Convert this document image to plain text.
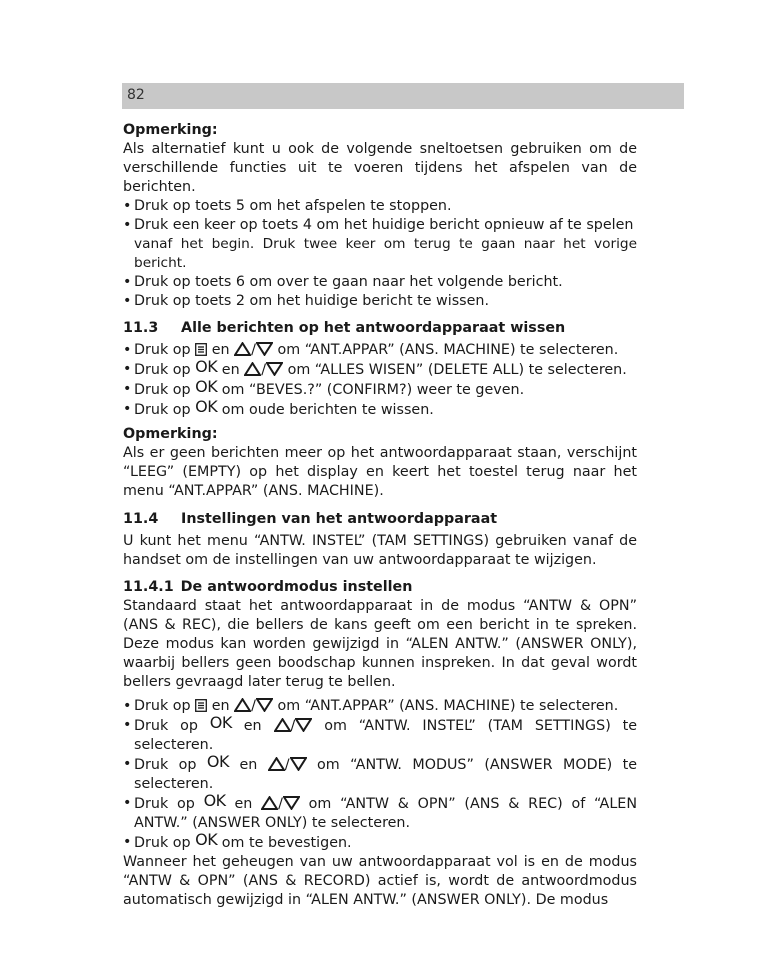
82

Opmerking:

Als alternatief kunt u ook de volgende sneltoetsen gebruiken om de verschillende functies uit te voeren tijdens het afspelen van de berichten.

• Druk op toets 5 om het afspelen te stoppen.

• Druk een keer op toets 4 om het huidige bericht opnieuw af te spelen
vanaf het begin. Druk twee keer om terug te gaan naar het vorige bericht.

• Druk op toets 6 om over te gaan naar het volgende bericht.

• Druk op toets 2 om het huidige bericht te wissen.

11.3 Alle berichten op het antwoordapparaat wissen

• Druk op en / om “ANT.APPAR” (ANS. MACHINE) te selecteren.

• Druk op OK en / om “ALLES WISEN” (DELETE ALL) te selecteren.

• Druk op OK om “BEVES.?” (CONFIRM?) weer te geven.

• Druk op OK om oude berichten te wissen.

Opmerking:

Als er geen berichten meer op het antwoordapparaat staan, verschijnt “LEEG” (EMPTY) op het display en keert het toestel terug naar het menu “ANT.APPAR” (ANS. MACHINE).

11.4 Instellingen van het antwoordapparaat

U kunt het menu “ANTW. INSTEL” (TAM SETTINGS) gebruiken vanaf de handset om de instellingen van uw antwoordapparaat te wijzigen.

11.4.1 De antwoordmodus instellen

Standaard staat het antwoordapparaat in de modus “ANTW & OPN” (ANS & REC), die bellers de kans geeft om een bericht in te spreken. Deze modus kan worden gewijzigd in “ALEN ANTW.” (ANSWER ONLY), waarbij bellers geen boodschap kunnen inspreken. In dat geval wordt bellers gevraagd later terug te bellen.

• Druk op en / om “ANT.APPAR” (ANS. MACHINE) te selecteren.

• Druk op OK en / om “ANTW. INSTEL” (TAM SETTINGS) te selecteren.

• Druk op OK en / om “ANTW. MODUS” (ANSWER MODE) te selecteren.

• Druk op OK en / om “ANTW & OPN” (ANS & REC) of “ALEN ANTW.” (ANSWER ONLY) te selecteren.

• Druk op OK om te bevestigen.

Wanneer het geheugen van uw antwoordapparaat vol is en de modus “ANTW & OPN” (ANS & RECORD) actief is, wordt de antwoordmodus automatisch gewijzigd in “ALEN ANTW.” (ANSWER ONLY). De modus
